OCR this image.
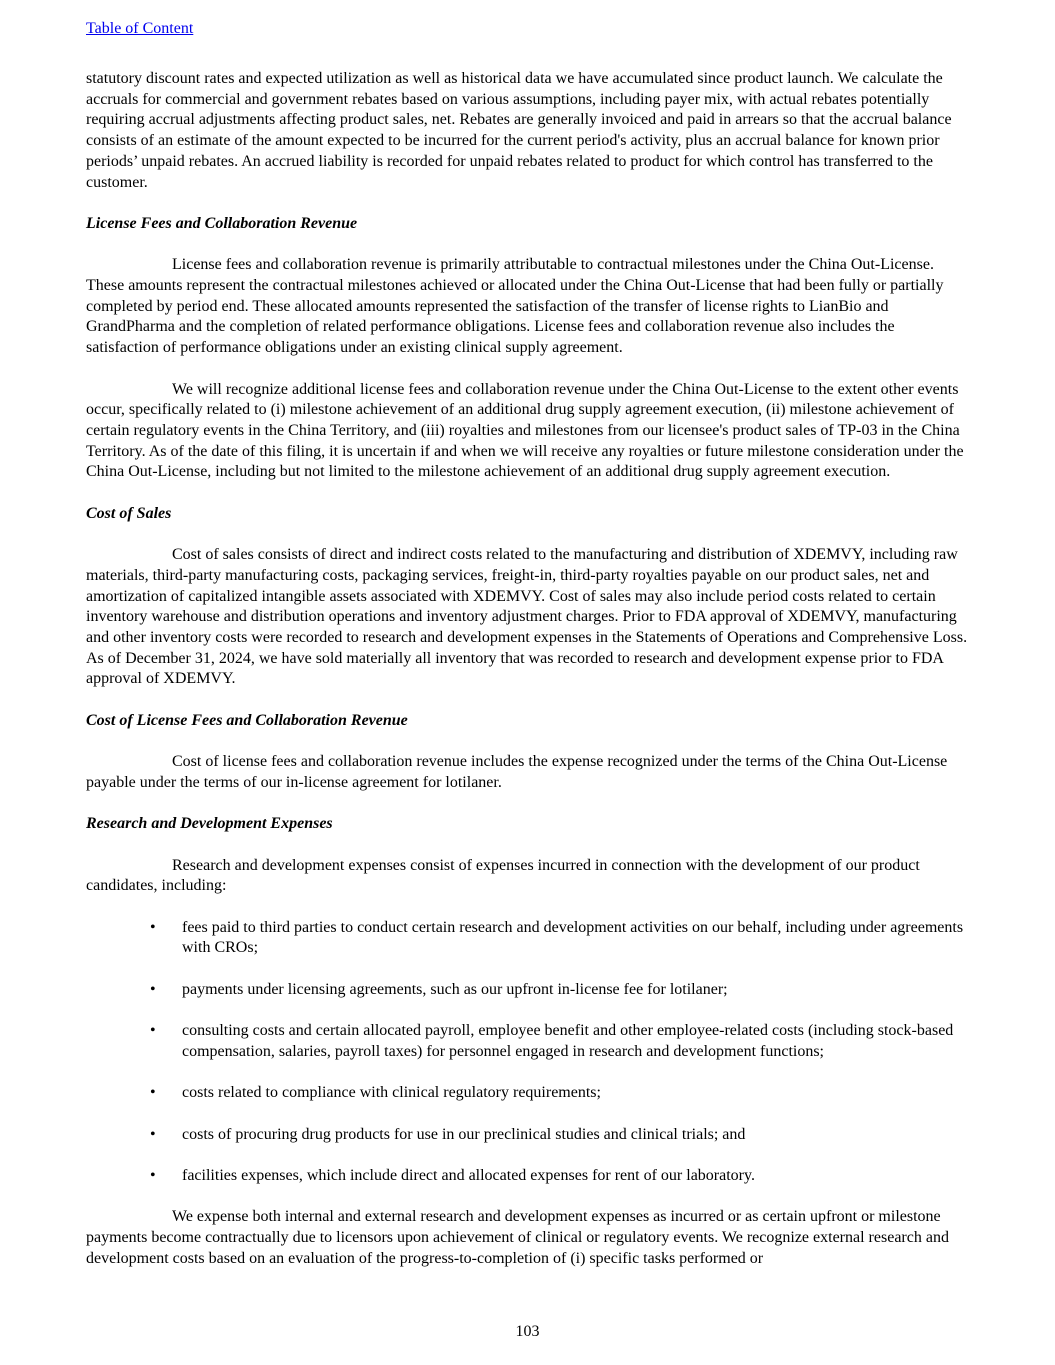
Table of Content

statutory discount rates and expected utilization as well as historical data we have accumulated since product launch. We calculate the accruals for commercial and government rebates based on various assumptions, including payer mix, with actual rebates potentially requiring accrual adjustments affecting product sales, net. Rebates are generally invoiced and paid in arrears so that the accrual balance consists of an estimate of the amount expected to be incurred for the current period's activity, plus an accrual balance for known prior periods’ unpaid rebates. An accrued liability is recorded for unpaid rebates related to product for which control has transferred to the customer.

License Fees and Collaboration Revenue

License fees and collaboration revenue is primarily attributable to contractual milestones under the China Out-License. These amounts represent the contractual milestones achieved or allocated under the China Out-License that had been fully or partially completed by period end. These allocated amounts represented the satisfaction of the transfer of license rights to LianBio and GrandPharma and the completion of related performance obligations. License fees and collaboration revenue also includes the satisfaction of performance obligations under an existing clinical supply agreement.

We will recognize additional license fees and collaboration revenue under the China Out-License to the extent other events occur, specifically related to (i) milestone achievement of an additional drug supply agreement execution, (ii) milestone achievement of certain regulatory events in the China Territory, and (iii) royalties and milestones from our licensee's product sales of TP-03 in the China Territory. As of the date of this filing, it is uncertain if and when we will receive any royalties or future milestone consideration under the China Out-License, including but not limited to the milestone achievement of an additional drug supply agreement execution.

Cost of Sales

Cost of sales consists of direct and indirect costs related to the manufacturing and distribution of XDEMVY, including raw materials, third-party manufacturing costs, packaging services, freight-in, third-party royalties payable on our product sales, net and amortization of capitalized intangible assets associated with XDEMVY. Cost of sales may also include period costs related to certain inventory warehouse and distribution operations and inventory adjustment charges. Prior to FDA approval of XDEMVY, manufacturing and other inventory costs were recorded to research and development expenses in the Statements of Operations and Comprehensive Loss. As of December 31, 2024, we have sold materially all inventory that was recorded to research and development expense prior to FDA approval of XDEMVY.

Cost of License Fees and Collaboration Revenue

Cost of license fees and collaboration revenue includes the expense recognized under the terms of the China Out-License payable under the terms of our in-license agreement for lotilaner.

Research and Development Expenses

Research and development expenses consist of expenses incurred in connection with the development of our product candidates, including:

• fees paid to third parties to conduct certain research and development activities on our behalf, including under agreements with CROs;
• payments under licensing agreements, such as our upfront in-license fee for lotilaner;
• consulting costs and certain allocated payroll, employee benefit and other employee-related costs (including stock-based compensation, salaries, payroll taxes) for personnel engaged in research and development functions;
• costs related to compliance with clinical regulatory requirements;
• costs of procuring drug products for use in our preclinical studies and clinical trials; and
• facilities expenses, which include direct and allocated expenses for rent of our laboratory.

We expense both internal and external research and development expenses as incurred or as certain upfront or milestone payments become contractually due to licensors upon achievement of clinical or regulatory events. We recognize external research and development costs based on an evaluation of the progress-to-completion of (i) specific tasks performed or

103
